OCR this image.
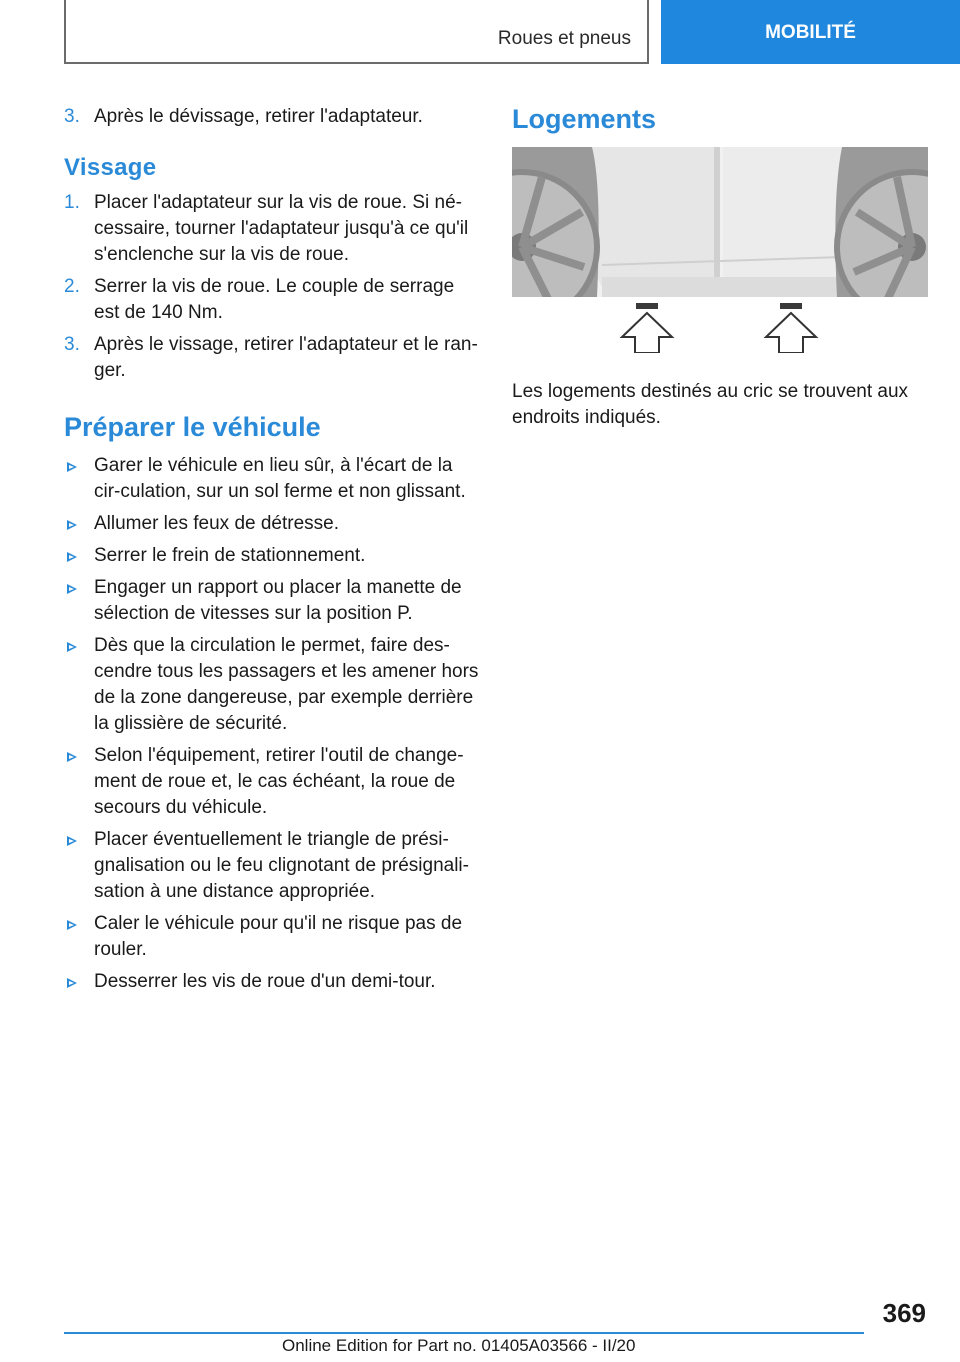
Roues et pneus	MOBILITÉ
3. Après le dévissage, retirer l'adaptateur.
Vissage
1. Placer l'adaptateur sur la vis de roue. Si né-cessaire, tourner l'adaptateur jusqu'à ce qu'il s'enclenche sur la vis de roue.
2. Serrer la vis de roue. Le couple de serrage est de 140 Nm.
3. Après le vissage, retirer l'adaptateur et le ran-ger.
Préparer le véhicule
Garer le véhicule en lieu sûr, à l'écart de la cir-culation, sur un sol ferme et non glissant.
Allumer les feux de détresse.
Serrer le frein de stationnement.
Engager un rapport ou placer la manette de sélection de vitesses sur la position P.
Dès que la circulation le permet, faire des-cendre tous les passagers et les amener hors de la zone dangereuse, par exemple derrière la glissière de sécurité.
Selon l'équipement, retirer l'outil de change-ment de roue et, le cas échéant, la roue de secours du véhicule.
Placer éventuellement le triangle de prési-gnalisation ou le feu clignotant de présignali-sation à une distance appropriée.
Caler le véhicule pour qu'il ne risque pas de rouler.
Desserrer les vis de roue d'un demi-tour.
Logements
Les logements destinés au cric se trouvent aux endroits indiqués.
369
Online Edition for Part no. 01405A03566 - II/20
